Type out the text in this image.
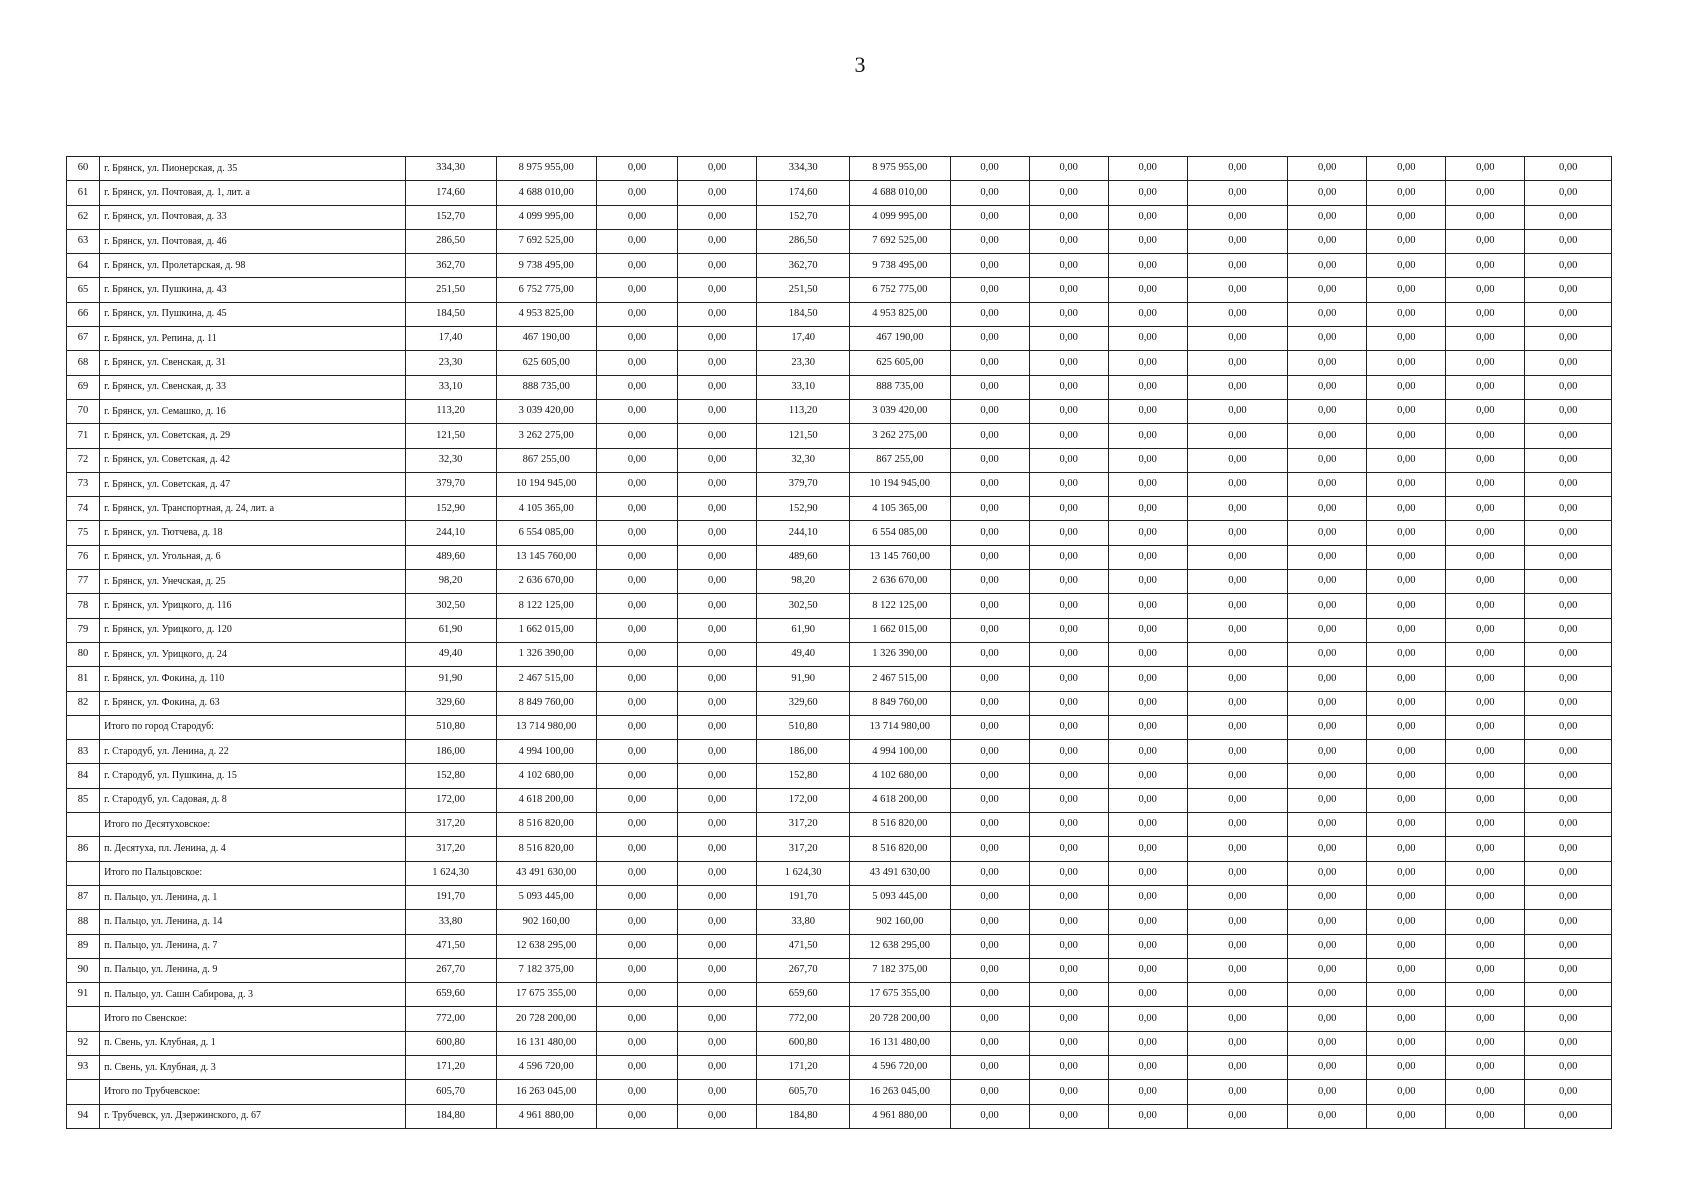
3
60	г. Брянск, ул. Пионерская, д. 35	334,30	8 975 955,00	0,00	0,00	334,30	8 975 955,00	0,00	0,00	0,00	0,00	0,00	0,00	0,00	0,00
61	г. Брянск, ул. Почтовая, д. 1, лит. а	174,60	4 688 010,00	0,00	0,00	174,60	4 688 010,00	0,00	0,00	0,00	0,00	0,00	0,00	0,00	0,00
62	г. Брянск, ул. Почтовая, д. 33	152,70	4 099 995,00	0,00	0,00	152,70	4 099 995,00	0,00	0,00	0,00	0,00	0,00	0,00	0,00	0,00
63	г. Брянск, ул. Почтовая, д. 46	286,50	7 692 525,00	0,00	0,00	286,50	7 692 525,00	0,00	0,00	0,00	0,00	0,00	0,00	0,00	0,00
64	г. Брянск, ул. Пролетарская, д. 98	362,70	9 738 495,00	0,00	0,00	362,70	9 738 495,00	0,00	0,00	0,00	0,00	0,00	0,00	0,00	0,00
65	г. Брянск, ул. Пушкина, д. 43	251,50	6 752 775,00	0,00	0,00	251,50	6 752 775,00	0,00	0,00	0,00	0,00	0,00	0,00	0,00	0,00
66	г. Брянск, ул. Пушкина, д. 45	184,50	4 953 825,00	0,00	0,00	184,50	4 953 825,00	0,00	0,00	0,00	0,00	0,00	0,00	0,00	0,00
67	г. Брянск, ул. Репина, д. 11	17,40	467 190,00	0,00	0,00	17,40	467 190,00	0,00	0,00	0,00	0,00	0,00	0,00	0,00	0,00
68	г. Брянск, ул. Свенская, д. 31	23,30	625 605,00	0,00	0,00	23,30	625 605,00	0,00	0,00	0,00	0,00	0,00	0,00	0,00	0,00
69	г. Брянск, ул. Свенская, д. 33	33,10	888 735,00	0,00	0,00	33,10	888 735,00	0,00	0,00	0,00	0,00	0,00	0,00	0,00	0,00
70	г. Брянск, ул. Семашко, д. 16	113,20	3 039 420,00	0,00	0,00	113,20	3 039 420,00	0,00	0,00	0,00	0,00	0,00	0,00	0,00	0,00
71	г. Брянск, ул. Советская, д. 29	121,50	3 262 275,00	0,00	0,00	121,50	3 262 275,00	0,00	0,00	0,00	0,00	0,00	0,00	0,00	0,00
72	г. Брянск, ул. Советская, д. 42	32,30	867 255,00	0,00	0,00	32,30	867 255,00	0,00	0,00	0,00	0,00	0,00	0,00	0,00	0,00
73	г. Брянск, ул. Советская, д. 47	379,70	10 194 945,00	0,00	0,00	379,70	10 194 945,00	0,00	0,00	0,00	0,00	0,00	0,00	0,00	0,00
74	г. Брянск, ул. Транспортная, д. 24, лит. а	152,90	4 105 365,00	0,00	0,00	152,90	4 105 365,00	0,00	0,00	0,00	0,00	0,00	0,00	0,00	0,00
75	г. Брянск, ул. Тютчева, д. 18	244,10	6 554 085,00	0,00	0,00	244,10	6 554 085,00	0,00	0,00	0,00	0,00	0,00	0,00	0,00	0,00
76	г. Брянск, ул. Угольная, д. 6	489,60	13 145 760,00	0,00	0,00	489,60	13 145 760,00	0,00	0,00	0,00	0,00	0,00	0,00	0,00	0,00
77	г. Брянск, ул. Унечская, д. 25	98,20	2 636 670,00	0,00	0,00	98,20	2 636 670,00	0,00	0,00	0,00	0,00	0,00	0,00	0,00	0,00
78	г. Брянск, ул. Урицкого, д. 116	302,50	8 122 125,00	0,00	0,00	302,50	8 122 125,00	0,00	0,00	0,00	0,00	0,00	0,00	0,00	0,00
79	г. Брянск, ул. Урицкого, д. 120	61,90	1 662 015,00	0,00	0,00	61,90	1 662 015,00	0,00	0,00	0,00	0,00	0,00	0,00	0,00	0,00
80	г. Брянск, ул. Урицкого, д. 24	49,40	1 326 390,00	0,00	0,00	49,40	1 326 390,00	0,00	0,00	0,00	0,00	0,00	0,00	0,00	0,00
81	г. Брянск, ул. Фокина, д. 110	91,90	2 467 515,00	0,00	0,00	91,90	2 467 515,00	0,00	0,00	0,00	0,00	0,00	0,00	0,00	0,00
82	г. Брянск, ул. Фокина, д. 63	329,60	8 849 760,00	0,00	0,00	329,60	8 849 760,00	0,00	0,00	0,00	0,00	0,00	0,00	0,00	0,00
	Итого по город Стародуб:	510,80	13 714 980,00	0,00	0,00	510,80	13 714 980,00	0,00	0,00	0,00	0,00	0,00	0,00	0,00	0,00
83	г. Стародуб, ул. Ленина, д. 22	186,00	4 994 100,00	0,00	0,00	186,00	4 994 100,00	0,00	0,00	0,00	0,00	0,00	0,00	0,00	0,00
84	г. Стародуб, ул. Пушкина, д. 15	152,80	4 102 680,00	0,00	0,00	152,80	4 102 680,00	0,00	0,00	0,00	0,00	0,00	0,00	0,00	0,00
85	г. Стародуб, ул. Садовая, д. 8	172,00	4 618 200,00	0,00	0,00	172,00	4 618 200,00	0,00	0,00	0,00	0,00	0,00	0,00	0,00	0,00
	Итого по Десятуховское:	317,20	8 516 820,00	0,00	0,00	317,20	8 516 820,00	0,00	0,00	0,00	0,00	0,00	0,00	0,00	0,00
86	п. Десятуха, пл. Ленина, д. 4	317,20	8 516 820,00	0,00	0,00	317,20	8 516 820,00	0,00	0,00	0,00	0,00	0,00	0,00	0,00	0,00
	Итого по Пальцовское:	1 624,30	43 491 630,00	0,00	0,00	1 624,30	43 491 630,00	0,00	0,00	0,00	0,00	0,00	0,00	0,00	0,00
87	п. Пальцо, ул. Ленина, д. 1	191,70	5 093 445,00	0,00	0,00	191,70	5 093 445,00	0,00	0,00	0,00	0,00	0,00	0,00	0,00	0,00
88	п. Пальцо, ул. Ленина, д. 14	33,80	902 160,00	0,00	0,00	33,80	902 160,00	0,00	0,00	0,00	0,00	0,00	0,00	0,00	0,00
89	п. Пальцо, ул. Ленина, д. 7	471,50	12 638 295,00	0,00	0,00	471,50	12 638 295,00	0,00	0,00	0,00	0,00	0,00	0,00	0,00	0,00
90	п. Пальцо, ул. Ленина, д. 9	267,70	7 182 375,00	0,00	0,00	267,70	7 182 375,00	0,00	0,00	0,00	0,00	0,00	0,00	0,00	0,00
91	п. Пальцо, ул. Сашн Сабирова, д. 3	659,60	17 675 355,00	0,00	0,00	659,60	17 675 355,00	0,00	0,00	0,00	0,00	0,00	0,00	0,00	0,00
	Итого по Свенское:	772,00	20 728 200,00	0,00	0,00	772,00	20 728 200,00	0,00	0,00	0,00	0,00	0,00	0,00	0,00	0,00
92	п. Свень, ул. Клубная, д. 1	600,80	16 131 480,00	0,00	0,00	600,80	16 131 480,00	0,00	0,00	0,00	0,00	0,00	0,00	0,00	0,00
93	п. Свень, ул. Клубная, д. 3	171,20	4 596 720,00	0,00	0,00	171,20	4 596 720,00	0,00	0,00	0,00	0,00	0,00	0,00	0,00	0,00
	Итого по Трубчевское:	605,70	16 263 045,00	0,00	0,00	605,70	16 263 045,00	0,00	0,00	0,00	0,00	0,00	0,00	0,00	0,00
94	г. Трубчевск, ул. Дзержинского, д. 67	184,80	4 961 880,00	0,00	0,00	184,80	4 961 880,00	0,00	0,00	0,00	0,00	0,00	0,00	0,00	0,00
